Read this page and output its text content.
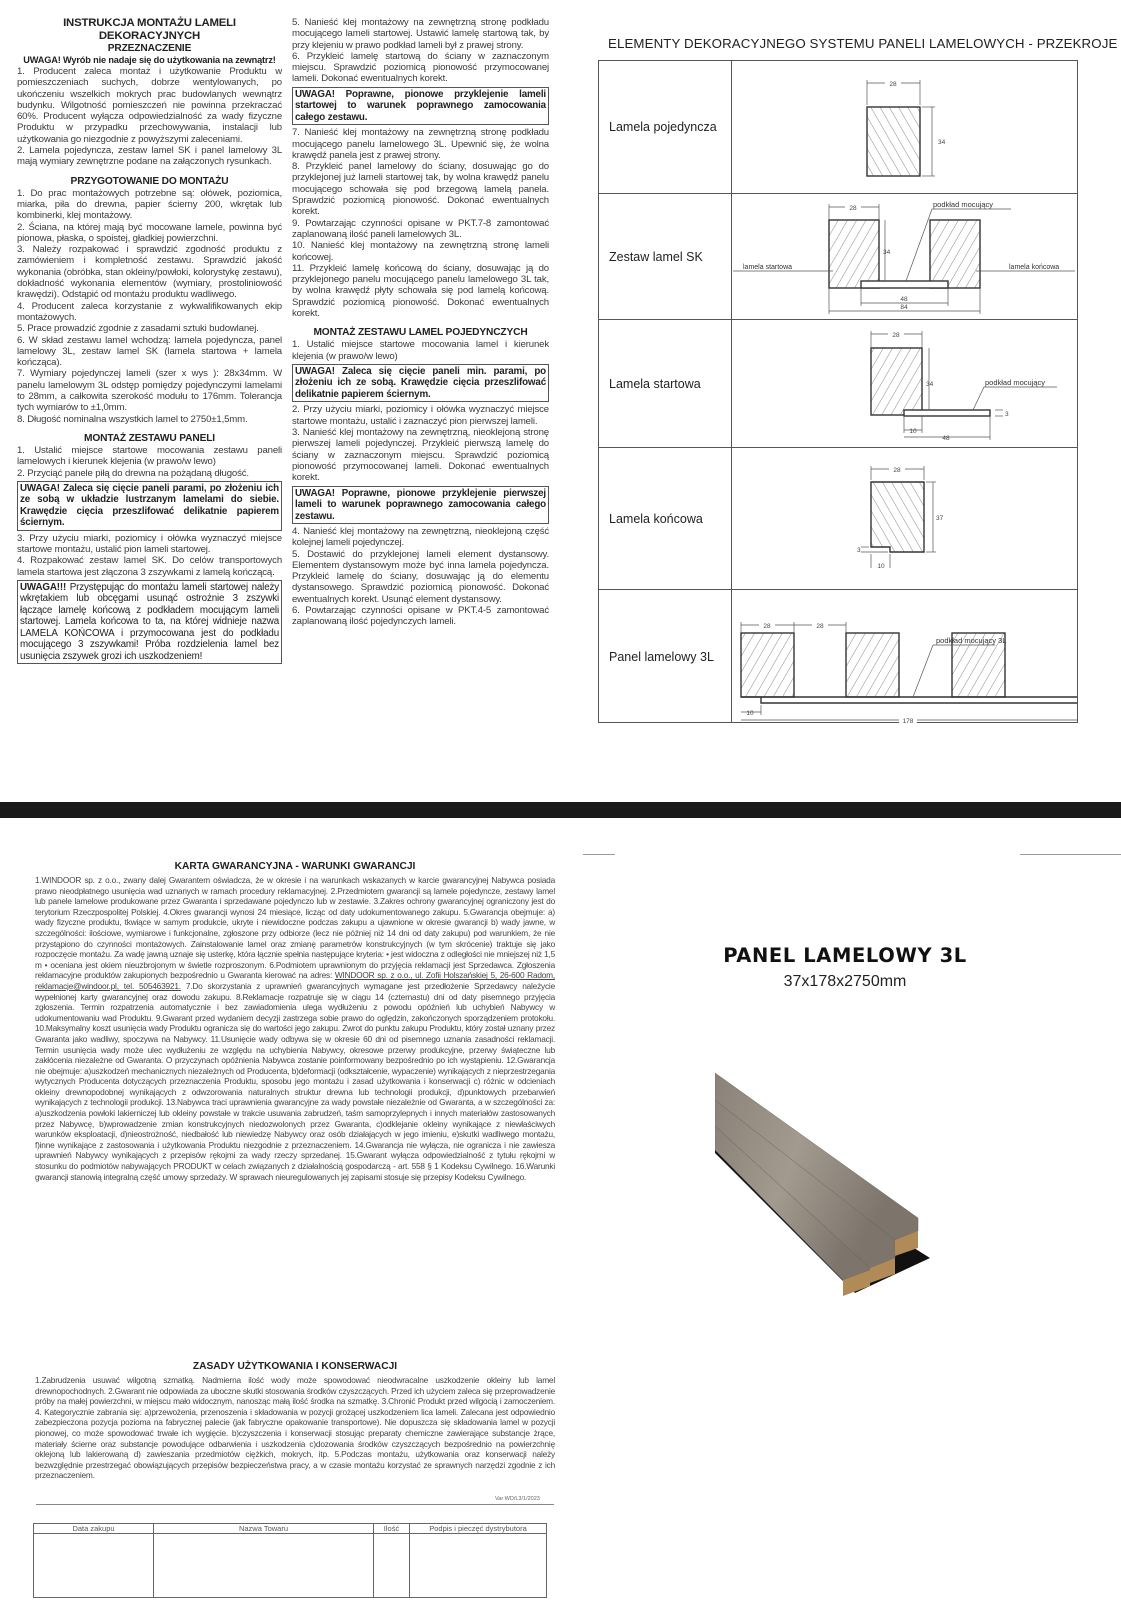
INSTRUKCJA MONTAŻU LAMELI DEKORACYJNYCH
PRZEZNACZENIE
UWAGA! Wyrób nie nadaje się do użytkowania na zewnątrz!

1. Producent zaleca montaż i użytkowanie Produktu w pomieszczeniach suchych, dobrze wentylowanych, po ukończeniu wszelkich mokrych prac budowlanych wewnątrz budynku. Wilgotność pomieszczeń nie powinna przekraczać 60%. Producent wyłącza odpowiedzialność za wady fizyczne Produktu w przypadku przechowywania, instalacji lub użytkowania go niezgodnie z powyższymi zaleceniami.

2. Lamela pojedyncza, zestaw lamel SK i panel lamelowy 3L mają wymiary zewnętrzne podane na załączonych rysunkach.

PRZYGOTOWANIE DO MONTAŻU

1. Do prac montażowych potrzebne są: ołówek, poziomica, miarka, piła do drewna, papier ścierny 200, wkrętak lub kombinerki, klej montażowy.

2. Ściana, na której mają być mocowane lamele, powinna być pionowa, płaska, o spoistej, gładkiej powierzchni.

3. Należy rozpakować i sprawdzić zgodność produktu z zamówieniem i kompletność zestawu. Sprawdzić jakość wykonania (obróbka, stan okleiny/powłoki, kolorystykę zestawu), dokładność wykonania elementów (wymiary, prostoliniowość krawędzi). Odstąpić od montażu produktu wadliwego.

4. Producent zaleca korzystanie z wykwalifikowanych ekip montażowych.

5. Prace prowadzić zgodnie z zasadami sztuki budowlanej.

6. W skład zestawu lamel wchodzą: lamela pojedyncza, panel lamelowy 3L, zestaw lamel SK (lamela startowa + lamela kończąca).

7. Wymiary pojedynczej lameli (szer x wys ): 28x34mm. W panelu lamelowym 3L odstęp pomiędzy pojedynczymi lamelami to 28mm, a całkowita szerokość modułu to 176mm. Tolerancja tych wymiarów to ±1,0mm.

8. Długość nominalna wszystkich lamel to 2750±1,5mm.

MONTAŻ ZESTAWU PANELI

1. Ustalić miejsce startowe mocowania zestawu paneli lamelowych i kierunek klejenia (w prawo/w lewo)

2. Przyciąć panele piłą do drewna na pożądaną długość.

UWAGA! Zaleca się cięcie paneli parami, po złożeniu ich ze sobą w układzie lustrzanym lamelami do siebie. Krawędzie cięcia przeszlifować delikatnie papierem ściernym.

3. Przy użyciu miarki, poziomicy i ołówka wyznaczyć miejsce startowe montażu, ustalić pion lameli startowej.

4. Rozpakować zestaw lamel SK. Do celów transportowych lamela startowa jest złączona 3 zszywkami z lamelą kończącą.

UWAGA!!! Przystępując do montażu lameli startowej należy wkrętakiem lub obcęgami usunąć ostrożnie 3 zszywki łączące lamelę końcową z podkładem mocującym lameli startowej. Lamela końcowa to ta, na której widnieje nazwa LAMELA KOŃCOWA i przymocowana jest do podkładu mocującego 3 zszywkami! Próba rozdzielenia lamel bez usunięcia zszywek grozi ich uszkodzeniem!

5. Nanieść klej montażowy na zewnętrzną stronę podkładu mocującego lameli startowej. Ustawić lamelę startową tak, by przy klejeniu w prawo podkład lameli był z prawej strony.

6. Przykleić lamelę startową do ściany w zaznaczonym miejscu. Sprawdzić poziomicą pionowość przymocowanej lameli. Dokonać ewentualnych korekt.

UWAGA! Poprawne, pionowe przyklejenie lameli startowej to warunek poprawnego zamocowania całego zestawu.

7. Nanieść klej montażowy na zewnętrzną stronę podkładu mocującego panelu lamelowego 3L. Upewnić się, że wolna krawędź panela jest z prawej strony.

8. Przykleić panel lamelowy do ściany, dosuwając go do przyklejonej już lameli startowej tak, by wolna krawędź panelu mocującego schowała się pod brzegową lamelą panela. Sprawdzić poziomicą pionowość. Dokonać ewentualnych korekt.

9. Powtarzając czynności opisane w PKT.7-8 zamontować zaplanowaną ilość paneli lamelowych 3L.

10. Nanieść klej montażowy na zewnętrzną stronę lameli końcowej.

11. Przykleić lamelę końcową do ściany, dosuwając ją do przyklejonego panelu mocującego panelu lamelowego 3L tak, by wolna krawędź płyty schowała się pod lamelą końcową. Sprawdzić poziomicą pionowość. Dokonać ewentualnych korekt.

MONTAŻ ZESTAWU LAMEL POJEDYNCZYCH

1. Ustalić miejsce startowe mocowania lamel i kierunek klejenia (w prawo/w lewo)

UWAGA! Zaleca się cięcie paneli min. parami, po złożeniu ich ze sobą. Krawędzie cięcia przeszlifować delikatnie papierem ściernym.

2. Przy użyciu miarki, poziomicy i ołówka wyznaczyć miejsce startowe montażu, ustalić i zaznaczyć pion pierwszej lameli.

3. Nanieść klej montażowy na zewnętrzną, nieoklejoną stronę pierwszej lameli pojedynczej. Przykleić pierwszą lamelę do ściany w zaznaczonym miejscu. Sprawdzić poziomicą pionowość przymocowanej lameli. Dokonać ewentualnych korekt.

UWAGA! Poprawne, pionowe przyklejenie pierwszej lameli to warunek poprawnego zamocowania całego zestawu.

4. Nanieść klej montażowy na zewnętrzną, nieoklejoną część kolejnej lameli pojedynczej.

5. Dostawić do przyklejonej lameli element dystansowy. Elementem dystansowym może być inna lamela pojedyncza. Przykleić lamelę do ściany, dosuwając ją do elementu dystansowego. Sprawdzić poziomicą pionowość. Dokonać ewentualnych korekt. Usunąć element dystansowy.

6. Powtarzając czynności opisane w PKT.4-5 zamontować zaplanowaną ilość pojedynczych lameli.

ELEMENTY DEKORACYJNEGO SYSTEMU PANELI LAMELOWYCH - PRZEKROJE
Lamela pojedyncza
28
34
Zestaw lamel SK
28
34
48
84
podkład mocujący
lamela startowa	lamela końcowa
Lamela startowa
28
34
48
10
3
podkład mocujący
Lamela końcowa
28
37
3
10
Panel lamelowy 3L
28	28
10
178
podkład mocujący 3L
KARTA GWARANCYJNA - WARUNKI GWARANCJI
1.WINDOOR sp. z o.o., zwany dalej Gwarantem oświadcza, że w okresie i na warunkach wskazanych w karcie gwarancyjnej Nabywca posiada prawo nieodpłatnego usunięcia wad uznanych w ramach procedury reklamacyjnej. 2.Przedmiotem gwarancji są lamele pojedyncze, zestawy lamel lub panele lamelowe produkowane przez Gwaranta i sprzedawane pojedynczo lub w zestawie. 3.Zakres ochrony gwarancyjnej ograniczony jest do terytorium Rzeczpospolitej Polskiej. 4.Okres gwarancji wynosi 24 miesiące, licząc od daty udokumentowanego zakupu. 5.Gwarancja obejmuje: a) wady fizyczne produktu, tkwiące w samym produkcie, ukryte i niewidoczne podczas zakupu a ujawnione w okresie gwarancji b) wady jawne, w szczególności: ilościowe, wymiarowe i funkcjonalne, zgłoszone przy odbiorze (lecz nie później niż 14 dni od daty zakupu) pod warunkiem, że nie przystąpiono do czynności montażowych. Zainstalowanie lamel oraz zmianę parametrów konstrukcyjnych (w tym skrócenie) traktuje się jako rozpoczęcie montażu. Za wadę jawną uznaje się usterkę, która łącznie spełnia następujące kryteria: • jest widoczna z odległości nie mniejszej niż 1,5 m • oceniana jest okiem nieuzbrojonym w świetle rozproszonym. 6.Podmiotem uprawnionym do przyjęcia reklamacji jest Sprzedawca. Zgłoszenia reklamacyjne produktów zakupionych bezpośrednio u Gwaranta kierować na adres: WINDOOR sp. z o.o., ul. Zofii Holszańskiej 5, 26-600 Radom, reklamacje@windoor.pl, tel. 505463921. 7.Do skorzystania z uprawnień gwarancyjnych wymagane jest przedłożenie Sprzedawcy należycie wypełnionej karty gwarancyjnej oraz dowodu zakupu. 8.Reklamacje rozpatruje się w ciągu 14 (czternastu) dni od daty pisemnego przyjęcia zgłoszenia. Termin rozpatrzenia automatycznie i bez zawiadomienia ulega wydłużeniu z powodu opóźnień lub uchybień Nabywcy w udokumentowaniu wad Produktu. 9.Gwarant przed wydaniem decyzji zastrzega sobie prawo do oględzin, zakończonych sporządzeniem protokołu. 10.Maksymalny koszt usunięcia wady Produktu ogranicza się do wartości jego zakupu. Zwrot do punktu zakupu Produktu, który został uznany przez Gwaranta jako wadliwy, spoczywa na Nabywcy. 11.Usunięcie wady odbywa się w okresie 60 dni od pisemnego uznania zasadności reklamacji. Termin usunięcia wady może ulec wydłużeniu ze względu na uchybienia Nabywcy, okresowe przerwy produkcyjne, przerwy świąteczne lub zakłócenia niezależne od Gwaranta. O przyczynach opóźnienia Nabywca zostanie poinformowany bezpośrednio po ich wystąpieniu. 12.Gwarancja nie obejmuje: a)uszkodzeń mechanicznych niezależnych od Producenta, b)deformacji (odkształcenie, wypaczenie) wynikających z nieprzestrzegania wytycznych Producenta dotyczących przeznaczenia Produktu, sposobu jego montażu i zasad użytkowania i konserwacji c) różnic w odcieniach okleiny drewnopodobnej wynikających z odwzorowania naturalnych struktur drewna lub technologii produkcji, d)punktowych przebarwień wynikających z technologii produkcji. 13.Nabywca traci uprawnienia gwarancyjne za wady powstałe niezależnie od Gwaranta, a w szczególności za: a)uszkodzenia powłoki lakierniczej lub okleiny powstałe w trakcie usuwania zabrudzeń, taśm samoprzylepnych i innych materiałów zastosowanych przez Nabywcę, b)wprowadzenie zmian konstrukcyjnych niedozwolonych przez Gwaranta, c)odklejanie okleiny wynikające z niewłaściwych warunków eksploatacji, d)nieostrożność, niedbałość lub niewiedzę Nabywcy oraz osób działających w jego imieniu, e)skutki wadliwego montażu, f)inne wynikające z zastosowania i użytkowania Produktu niezgodnie z przeznaczeniem. 14.Gwarancja nie wyłącza, nie ogranicza i nie zawiesza uprawnień Nabywcy wynikających z przepisów rękojmi za wady rzeczy sprzedanej. 15.Gwarant wyłącza odpowiedzialność z tytułu rękojmi w stosunku do podmiotów nabywających PRODUKT w celach związanych z działalnością gospodarczą - art. 558 § 1 Kodeksu Cywilnego. 16.Warunki gwarancji stanowią integralną część umowy sprzedaży. W sprawach nieuregulowanych jej zapisami stosuje się przepisy Kodeksu Cywilnego.
ZASADY UŻYTKOWANIA I KONSERWACJI
1.Zabrudzenia usuwać wilgotną szmatką. Nadmierna ilość wody może spowodować nieodwracalne uszkodzenie okleiny lub lamel drewnopochodnych. 2.Gwarant nie odpowiada za uboczne skutki stosowania środków czyszczących. Przed ich użyciem zaleca się przeprowadzenie próby na małej powierzchni, w miejscu mało widocznym, nanosząc małą ilość środka na szmatkę. 3.Chronić Produkt przed wilgocią i zamoczeniem. 4. Kategorycznie zabrania się: a)przewożenia, przenoszenia i składowania w pozycji grożącej uszkodzeniem lica lameli. Zalecana jest odpowiednio zabezpieczona pozycja pozioma na fabrycznej palecie (jak fabryczne opakowanie transportowe). Nie dopuszcza się składowania lamel w pozycji pionowej, co może spowodować trwałe ich wygięcie. b)czyszczenia i konserwacji stosując preparaty chemiczne zawierające substancje żrące, materiały ścierne oraz substancje powodujące odbarwienia i uszkodzenia c)dozowania środków czyszczących bezpośrednio na powierzchnię oklejoną lub lakierowaną d) zawieszania przedmiotów ciężkich, mokrych, itp. 5.Podczas montażu, użytkowania oraz konserwacji należy bezwzględnie przestrzegać obowiązujących przepisów bezpieczeństwa pracy, a w czasie montażu korzystać ze sprawnych narzędzi zgodnie z ich przeznaczeniem.
Data zakupu	Nazwa Towaru	Ilość	Podpis i pieczęć dystrybutora

Var WD/L3/1/2023
PANEL LAMELOWY 3L
37x178x2750mm
